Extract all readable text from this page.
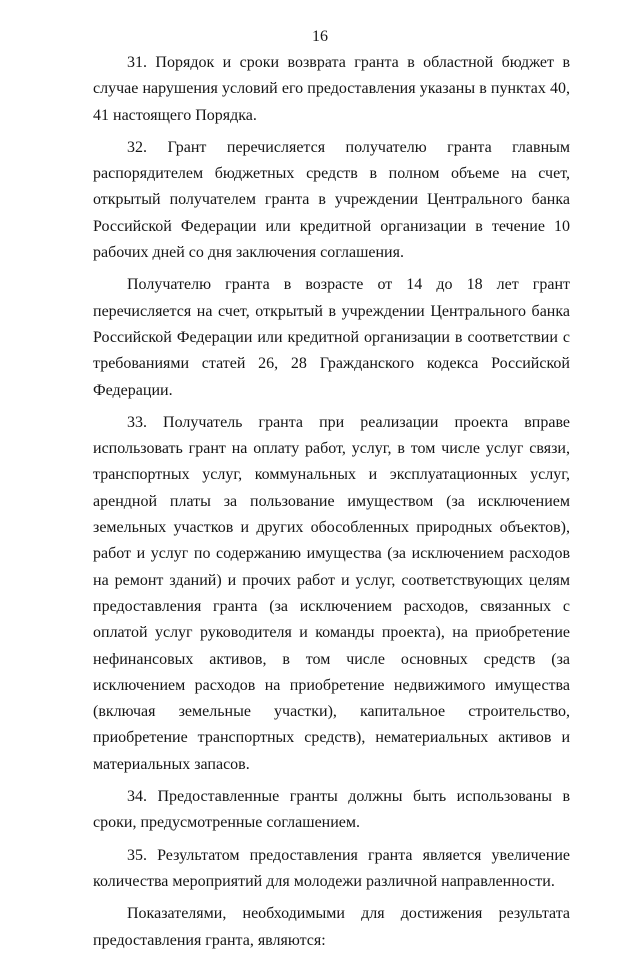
16

31. Порядок и сроки возврата гранта в областной бюджет в случае нарушения условий его предоставления указаны в пунктах 40, 41 настоящего Порядка.

32. Грант перечисляется получателю гранта главным распорядителем бюджетных средств в полном объеме на счет, открытый получателем гранта в учреждении Центрального банка Российской Федерации или кредитной организации в течение 10 рабочих дней со дня заключения соглашения.

Получателю гранта в возрасте от 14 до 18 лет грант перечисляется на счет, открытый в учреждении Центрального банка Российской Федерации или кредитной организации в соответствии с требованиями статей 26, 28 Гражданского кодекса Российской Федерации.

33. Получатель гранта при реализации проекта вправе использовать грант на оплату работ, услуг, в том числе услуг связи, транспортных услуг, коммунальных и эксплуатационных услуг, арендной платы за пользование имуществом (за исключением земельных участков и других обособленных природных объектов), работ и услуг по содержанию имущества (за исключением расходов на ремонт зданий) и прочих работ и услуг, соответствующих целям предоставления гранта (за исключением расходов, связанных с оплатой услуг руководителя и команды проекта), на приобретение нефинансовых активов, в том числе основных средств (за исключением расходов на приобретение недвижимого имущества (включая земельные участки), капитальное строительство, приобретение транспортных средств), нематериальных активов и материальных запасов.

34. Предоставленные гранты должны быть использованы в сроки, предусмотренные соглашением.

35. Результатом предоставления гранта является увеличение количества мероприятий для молодежи различной направленности.

Показателями, необходимыми для достижения результата предоставления гранта, являются:
